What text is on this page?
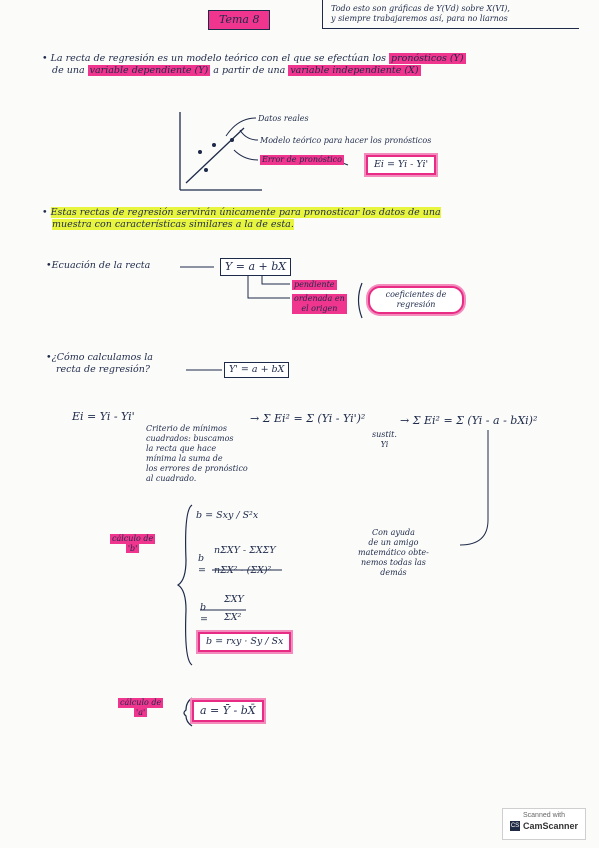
Tema 8
Todo esto son gráficas de Y(Vd) sobre X(VI),
y siempre trabajaremos así, para no liarnos
• La recta de regresión es un modelo teórico con el que se efectúan los pronósticos (Y)
de una variable dependiente (Y) a partir de una variable independiente (X)
Datos reales
Modelo teórico para hacer los pronósticos
Error de pronóstico	Ei = Yi - Yi'
• Estas rectas de regresión servirán únicamente para pronosticar los datos de una
muestra con características similares a la de esta.
•Ecuación de la recta	Y = a + bX
pendiente
ordenada en
el origen
coeficientes de regresión
•¿Cómo calculamos la
recta de regresión?	Y' = a + bX
Ei = Yi - Yi'	→ Σ Ei² = Σ (Yi - Yi')²	→ Σ Ei² = Σ (Yi - a - bXi)²
sustit.
Yi
Criterio de mínimos
cuadrados: buscamos
la recta que hace
mínima la suma de
los errores de pronóstico
al cuadrado.
cálculo de
'b'
b = Sxy / S²x
b =
nΣXY - ΣXΣY
nΣX² - (ΣX)²
b =
ΣXY
ΣX²
b = rxy · Sy / Sx
Con ayuda
de un amigo
matemático obte-
nemos todas las
demás
cálculo de
'a'	a = Ȳ - bX̄
Scanned with
CS CamScanner
